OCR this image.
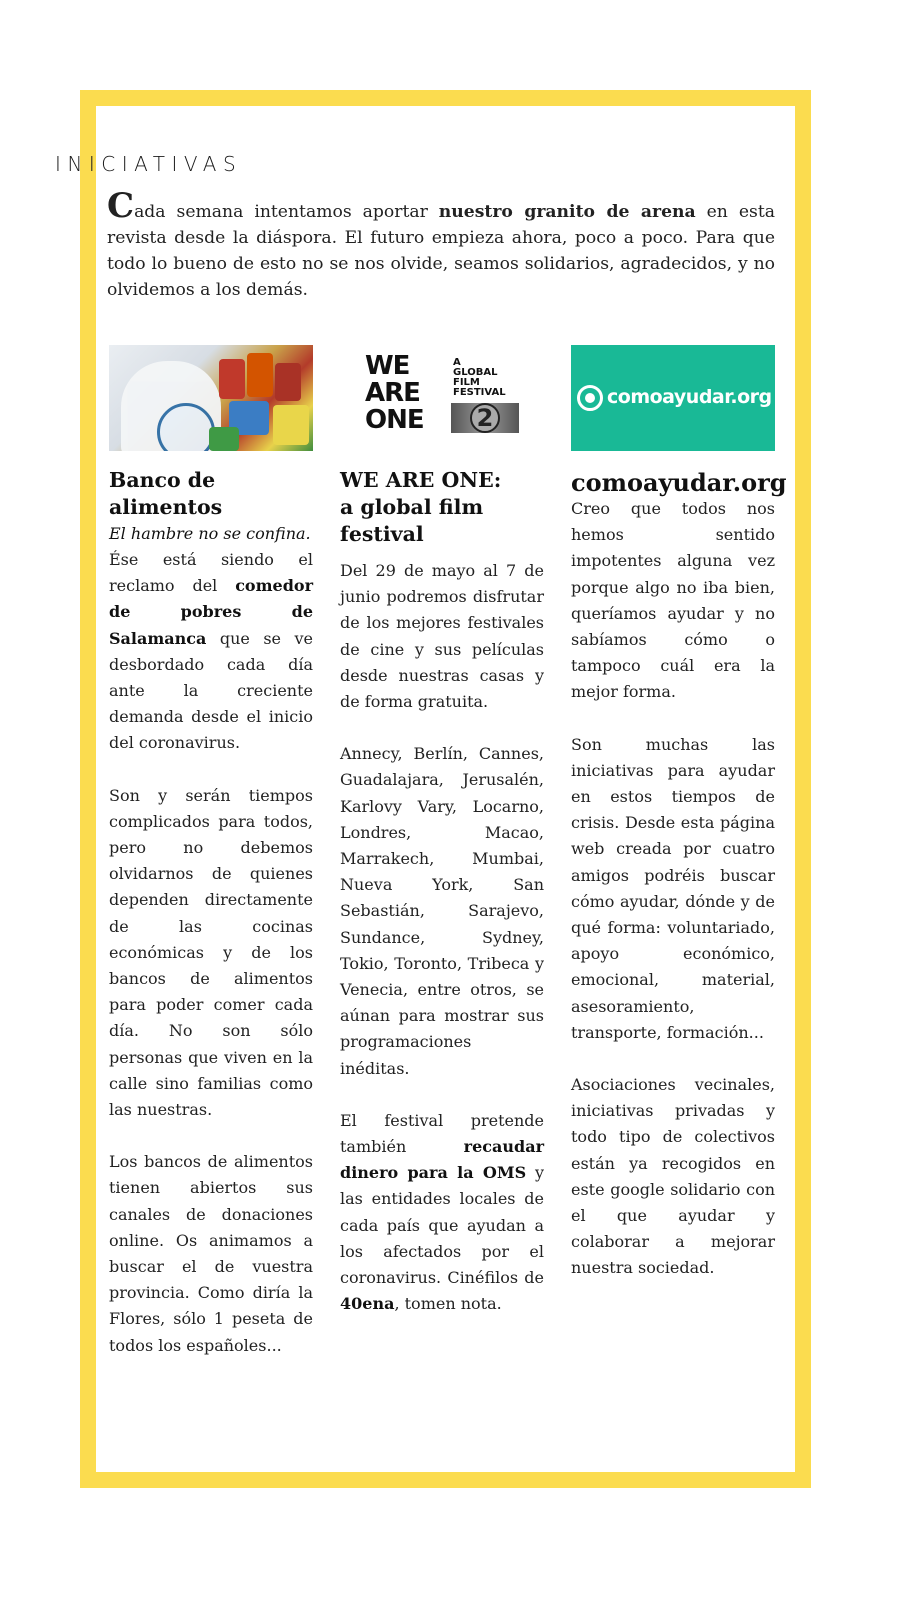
INICIATIVAS

Cada semana intentamos aportar nuestro granito de arena en esta revista desde la diáspora. El futuro empieza ahora, poco a poco. Para que todo lo bueno de esto no se nos olvide, seamos solidarios, agradecidos, y no olvidemos a los demás.

Banco de alimentos
El hambre no se confina.

Ése está siendo el reclamo del comedor de pobres de Salamanca que se ve desbordado cada día ante la creciente demanda desde el inicio del coronavirus.

Son y serán tiempos complicados para todos, pero no debemos olvidarnos de quienes dependen directamente de las cocinas económicas y de los bancos de alimentos para poder comer cada día. No son sólo personas que viven en la calle sino familias como las nuestras.

Los bancos de alimentos tienen abiertos sus canales de donaciones online. Os animamos a buscar el de vuestra provincia. Como diría la Flores, sólo 1 peseta de todos los españoles...

WE
ARE
ONE
A
GLOBAL
FILM
FESTIVAL
2
WE ARE ONE:
a global film festival

Del 29 de mayo al 7 de junio podremos disfrutar de los mejores festivales de cine y sus películas desde nuestras casas y de forma gratuita.

Annecy, Berlín, Cannes, Guadalajara, Jerusalén, Karlovy Vary, Locarno, Londres, Macao, Marrakech, Mumbai, Nueva York, San Sebastián, Sarajevo, Sundance, Sydney, Tokio, Toronto, Tribeca y Venecia, entre otros, se aúnan para mostrar sus programaciones inéditas.

El festival pretende también recaudar dinero para la OMS y las entidades locales de cada país que ayudan a los afectados por el coronavirus. Cinéfilos de 40ena, tomen nota.

comoayudar.org
comoayudar.org

Creo que todos nos hemos sentido impotentes alguna vez porque algo no iba bien, queríamos ayudar y no sabíamos cómo o tampoco cuál era la mejor forma.

Son muchas las iniciativas para ayudar en estos tiempos de crisis. Desde esta página web creada por cuatro amigos podréis buscar cómo ayudar, dónde y de qué forma: voluntariado, apoyo económico, emocional, material, asesoramiento, transporte, formación...

Asociaciones vecinales, iniciativas privadas y todo tipo de colectivos están ya recogidos en este google solidario con el que ayudar y colaborar a mejorar nuestra sociedad.
